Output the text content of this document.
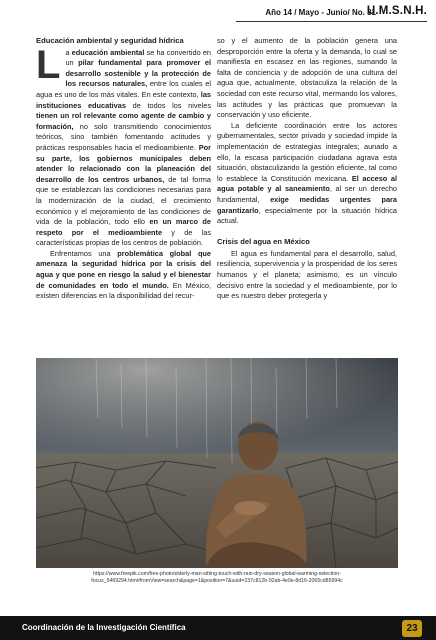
Año 14 / Mayo - Junio/ No. 81
U.M.S.N.H.
Educación ambiental y seguridad hídrica

La educación ambiental se ha convertido en un pilar fundamental para promover el desarrollo sostenible y la protección de los recursos naturales, entre los cuales el agua es uno de los más vitales. En este contexto, las instituciones educativas de todos los niveles tienen un rol relevante como agente de cambio y formación, no solo transmitiendo conocimientos teóricos, sino también fomentando actitudes y prácticas responsables hacia el medioambiente. Por su parte, los gobiernos municipales deben atender lo relacionado con la planeación del desarrollo de los centros urbanos, de tal forma que se establezcan las condiciones necesarias para la modernización de la ciudad, el crecimiento económico y el mejoramiento de las condiciones de vida de la población, todo ello en un marco de respeto por el medioambiente y de las características propias de los centros de población.

Enfrentamos una problemática global que amenaza la seguridad hídrica por la crisis del agua y que pone en riesgo la salud y el bienestar de comunidades en todo el mundo. En México, existen diferencias en la disponibilidad del recur-

so y el aumento de la población genera una desproporción entre la oferta y la demanda, lo cual se manifiesta en escasez en las regiones, sumando la falta de conciencia y de adopción de una cultura del agua que, actualmente, obstaculiza la relación de la sociedad con este recurso vital, mermando los valores, las actitudes y las prácticas que promuevan la conservación y uso eficiente.

La deficiente coordinación entre los actores gubernamentales, sector privado y sociedad impide la implementación de estrategias integrales; aunado a ello, la escasa participación ciudadana agrava esta situación, obstaculizando la gestión eficiente, tal como lo establece la Constitución mexicana. El acceso al agua potable y al saneamiento, al ser un derecho fundamental, exige medidas urgentes para garantizarlo, especialmente por la situación hídrica actual.

Crisis del agua en México

El agua es fundamental para el desarrollo, salud, resiliencia, supervivencia y la prosperidad de los seres humanos y el planeta; asimismo, es un vínculo decisivo entre la sociedad y el medioambiente, por lo que es nuestro deber protegerla y

https://www.freepik.com/free-photo/elderly-man-sitting-touch-with-rain-dry-season-global-warming-selection-focus_5469294.htm#fromView=search&page=1&position=7&uuid=237c812b-92ab-4e0e-8d16-2065cd85994c
Coordinación de la Investigación Científica	23
